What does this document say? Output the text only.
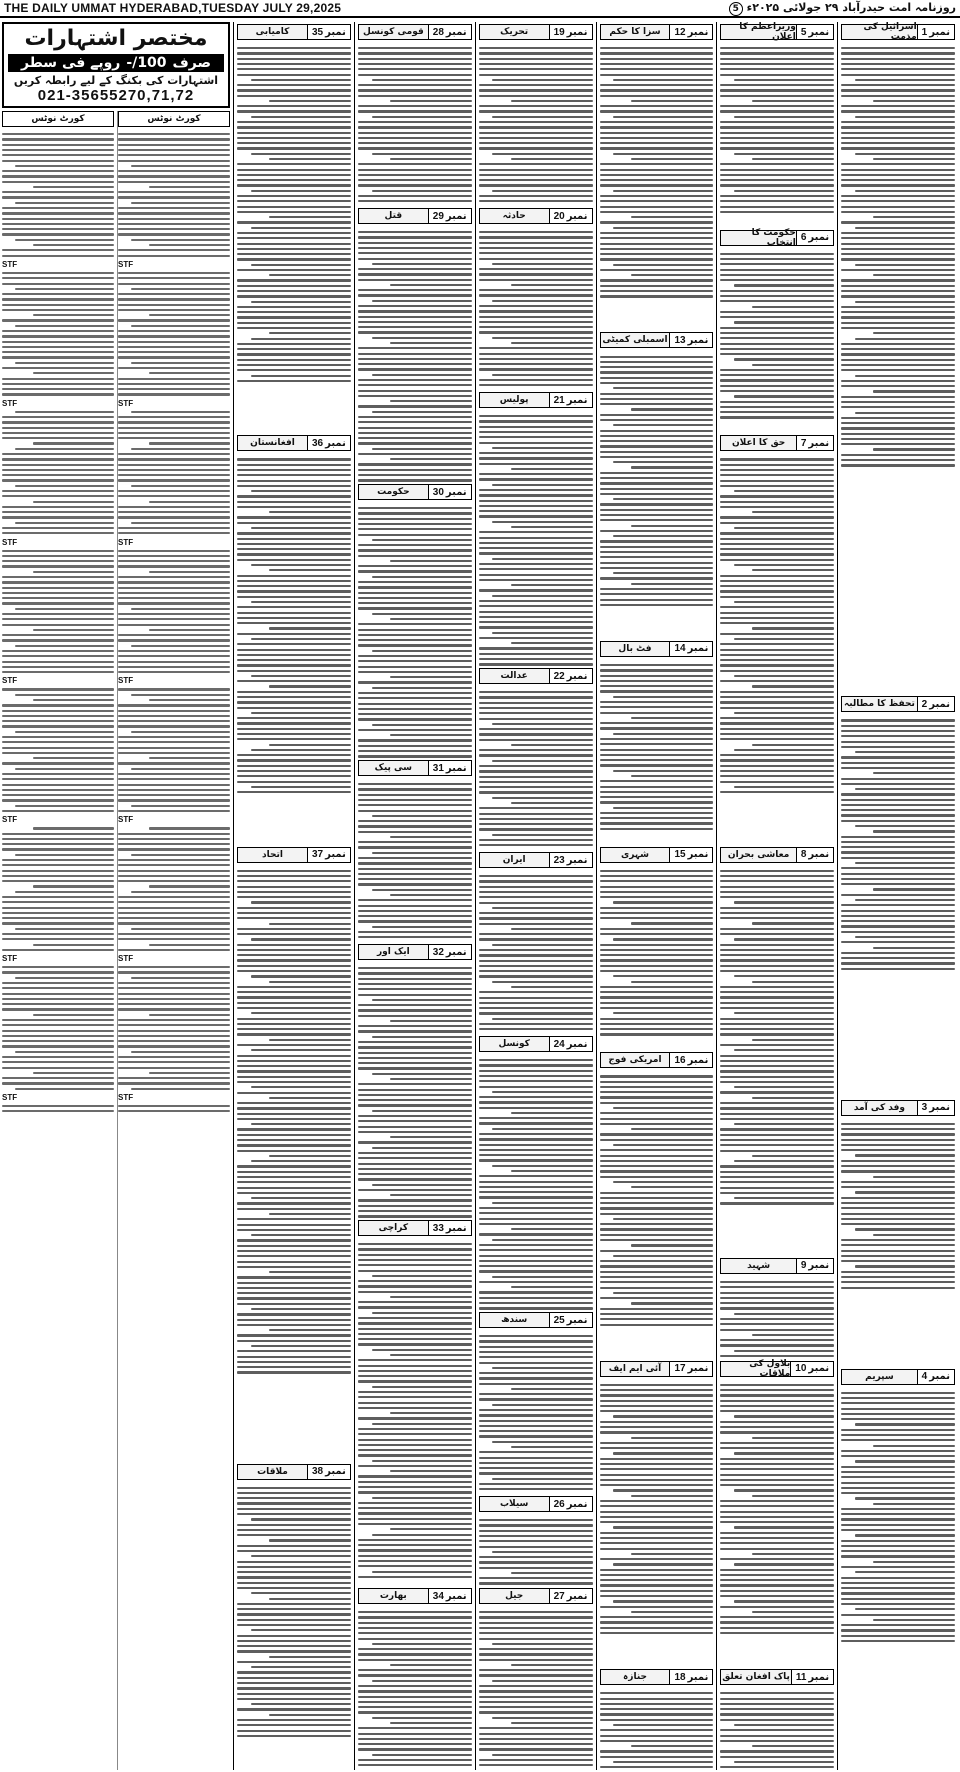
THE DAILY UMMAT HYDERABAD,TUESDAY JULY 29,2025	روزنامہ امت حیدرآباد ۲۹ جولائی ۲۰۲۵ء 5
مختصر اشتہارات
صرف
100/-
روپے فی سطر
اشتہارات کی بکنگ کے لیے رابطہ کریں
021-35655270,71,72
کورٹ نوٹس
STF
STF
STF
STF
STF
STF
STF
کورٹ نوٹس
STF
STF
STF
STF
STF
STF
STF
نمبر
1
اسرائیل کی مذمت
نمبر
2
تحفظ کا مطالبہ
نمبر
3
وفد کی آمد
نمبر
4
سپریم
نمبر
5
وزیراعظم کا اعلان
نمبر
6
حکومت کا انتخاب
نمبر
7
حق کا اعلان
نمبر
8
معاشی بحران
نمبر
9
شہید
نمبر
10
بلاول کی ملاقات
نمبر
11
پاک افغان تعلق
نمبر
12
سزا کا حکم
نمبر
13
اسمبلی کمیٹی
نمبر
14
فٹ بال
نمبر
15
شہری
نمبر
16
امریکی فوج
نمبر
17
آئی ایم ایف
نمبر
18
جنازہ
نمبر
19
تحریک
نمبر
20
حادثہ
نمبر
21
پولیس
نمبر
22
عدالت
نمبر
23
ایران
نمبر
24
کونسل
نمبر
25
سندھ
نمبر
26
سیلاب
نمبر
27
جیل
نمبر
28
قومی کونسل
نمبر
29
قتل
نمبر
30
حکومت
نمبر
31
سی پیک
نمبر
32
ایک اور
نمبر
33
کراچی
نمبر
34
بھارت
نمبر
35
کامیابی
نمبر
36
افغانستان
نمبر
37
اتحاد
نمبر
38
ملاقات
